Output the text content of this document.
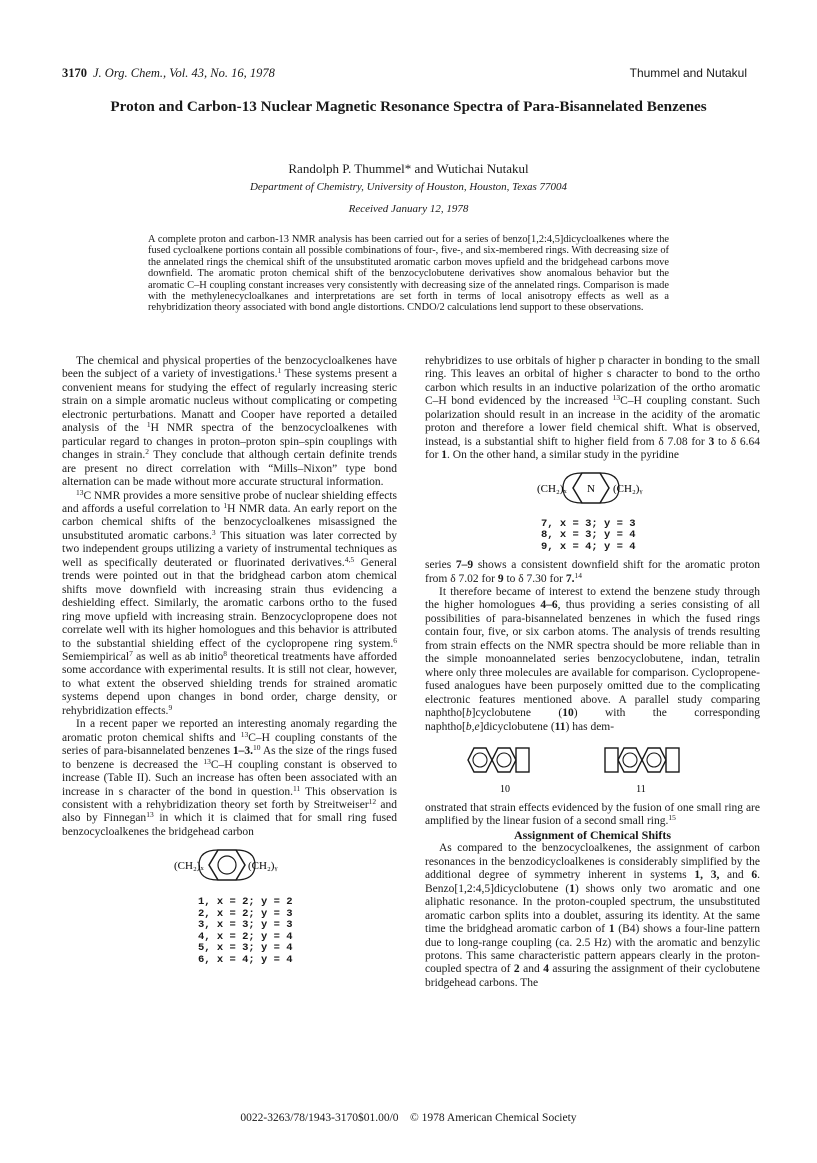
3170 J. Org. Chem., Vol. 43, No. 16, 1978	Thummel and Nutakul
Proton and Carbon-13 Nuclear Magnetic Resonance Spectra of Para-Bisannelated Benzenes
Randolph P. Thummel* and Wutichai Nutakul
Department of Chemistry, University of Houston, Houston, Texas 77004
Received January 12, 1978
A complete proton and carbon-13 NMR analysis has been carried out for a series of benzo[1,2:4,5]dicycloalkenes where the fused cycloalkene portions contain all possible combinations of four-, five-, and six-membered rings. With decreasing size of the annelated rings the chemical shift of the unsubstituted aromatic carbon moves upfield and the bridgehead carbons move downfield. The aromatic proton chemical shift of the benzocyclobutene derivatives show anomalous behavior but the aromatic C–H coupling constant increases very consistently with decreasing size of the annelated rings. Comparison is made with the methylenecycloalkanes and interpretations are set forth in terms of local anisotropy effects as well as a rehybridization theory associated with bond angle distortions. CNDO/2 calculations lend support to these observations.

The chemical and physical properties of the benzocycloalkenes have been the subject of a variety of investigations.$^1$ These systems present a convenient means for studying the effect of regularly increasing steric strain on a simple aromatic nucleus without complicating or competing electronic perturbations. Manatt and Cooper have reported a detailed analysis of the $^1$H NMR spectra of the benzocycloalkenes with particular regard to changes in proton–proton spin–spin couplings with changes in strain.$^2$ They conclude that although certain definite trends are present no direct correlation with “Mills–Nixon” type bond alternation can be made without more accurate structural information.

$^{13}$C NMR provides a more sensitive probe of nuclear shielding effects and affords a useful correlation to $^1$H NMR data. An early report on the carbon chemical shifts of the benzocycloalkenes misassigned the unsubstituted aromatic carbons.$^3$ This situation was later corrected by two independent groups utilizing a variety of instrumental techniques as well as specifically deuterated or fluorinated derivatives.$^{4,5}$ General trends were pointed out in that the bridghead carbon atom chemical shifts move downfield with increasing strain thus evidencing a deshielding effect. Similarly, the aromatic carbons ortho to the fused ring move upfield with increasing strain. Benzocyclopropene does not correlate well with its higher homologues and this behavior is attributed to the substantial shielding effect of the cyclopropene ring system.$^6$ Semiempirical$^7$ as well as ab initio$^8$ theoretical treatments have afforded some accordance with experimental results. It is still not clear, however, to what extent the observed shielding trends for strained aromatic systems depend upon changes in bond order, charge density, or rehybridization effects.$^9$

In a recent paper we reported an interesting anomaly regarding the aromatic proton chemical shifts and $^{13}$C–H coupling constants of the series of para-bisannelated benzenes 1–3.10 As the size of the rings fused to benzene is decreased the $^{13}$C–H coupling constant is observed to increase (Table II). Such an increase has often been associated with an increase in s character of the bond in question.$^{11}$ This observation is consistent with a rehybridization theory set forth by Streitweiser$^{12}$ and also by Finnegan$^{13}$ in which it is claimed that for small ring fused benzocycloalkenes the bridgehead carbon

(CH₂)ₓ	(CH₂)ᵧ
1, x = 2; y = 2
2, x = 2; y = 3
3, x = 3; y = 3
4, x = 2; y = 4
5, x = 3; y = 4
6, x = 4; y = 4

rehybridizes to use orbitals of higher p character in bonding to the small ring. This leaves an orbital of higher s character to bond to the ortho carbon which results in an inductive polarization of the ortho aromatic C–H bond evidenced by the increased $^{13}$C–H coupling constant. Such polarization should result in an increase in the acidity of the aromatic proton and therefore a lower field chemical shift. What is observed, instead, is a substantial shift to higher field from δ 7.08 for 3 to δ 6.64 for 1. On the other hand, a similar study in the pyridine

(CH₂)ₓ	(CH₂)ᵧ
N
7, x = 3; y = 3
8, x = 3; y = 4
9, x = 4; y = 4

series 7–9 shows a consistent downfield shift for the aromatic proton from δ 7.02 for 9 to δ 7.30 for 7.14

It therefore became of interest to extend the benzene study through the higher homologues 4–6, thus providing a series consisting of all possibilities of para-bisannelated benzenes in which the fused rings contain four, five, or six carbon atoms. The analysis of trends resulting from strain effects on the NMR spectra should be more reliable than in the simple monoannelated series benzocyclobutene, indan, tetralin where only three molecules are available for comparison. Cyclopropene-fused analogues have been purposely omitted due to the complicating electronic features mentioned above. A parallel study comparing naphtho[b]cyclobutene (10) with the corresponding naphtho[b,e]dicyclobutene (11) has dem-

10	11

onstrated that strain effects evidenced by the fusion of one small ring are amplified by the linear fusion of a second small ring.$^{15}$

Assignment of Chemical Shifts

As compared to the benzocycloalkenes, the assignment of carbon resonances in the benzodicycloalkenes is considerably simplified by the additional degree of symmetry inherent in systems 1, 3, and 6. Benzo[1,2:4,5]dicyclobutene (1) shows only two aromatic and one aliphatic resonance. In the proton-coupled spectrum, the unsubstituted aromatic carbon splits into a doublet, assuring its identity. At the same time the bridghead aromatic carbon of 1 (B4) shows a four-line pattern due to long-range coupling (ca. 2.5 Hz) with the aromatic and benzylic protons. This same characteristic pattern appears clearly in the proton-coupled spectra of 2 and 4 assuring the assignment of their cyclobutene bridgehead carbons. The

0022-3263/78/1943-3170$01.00/0 © 1978 American Chemical Society
